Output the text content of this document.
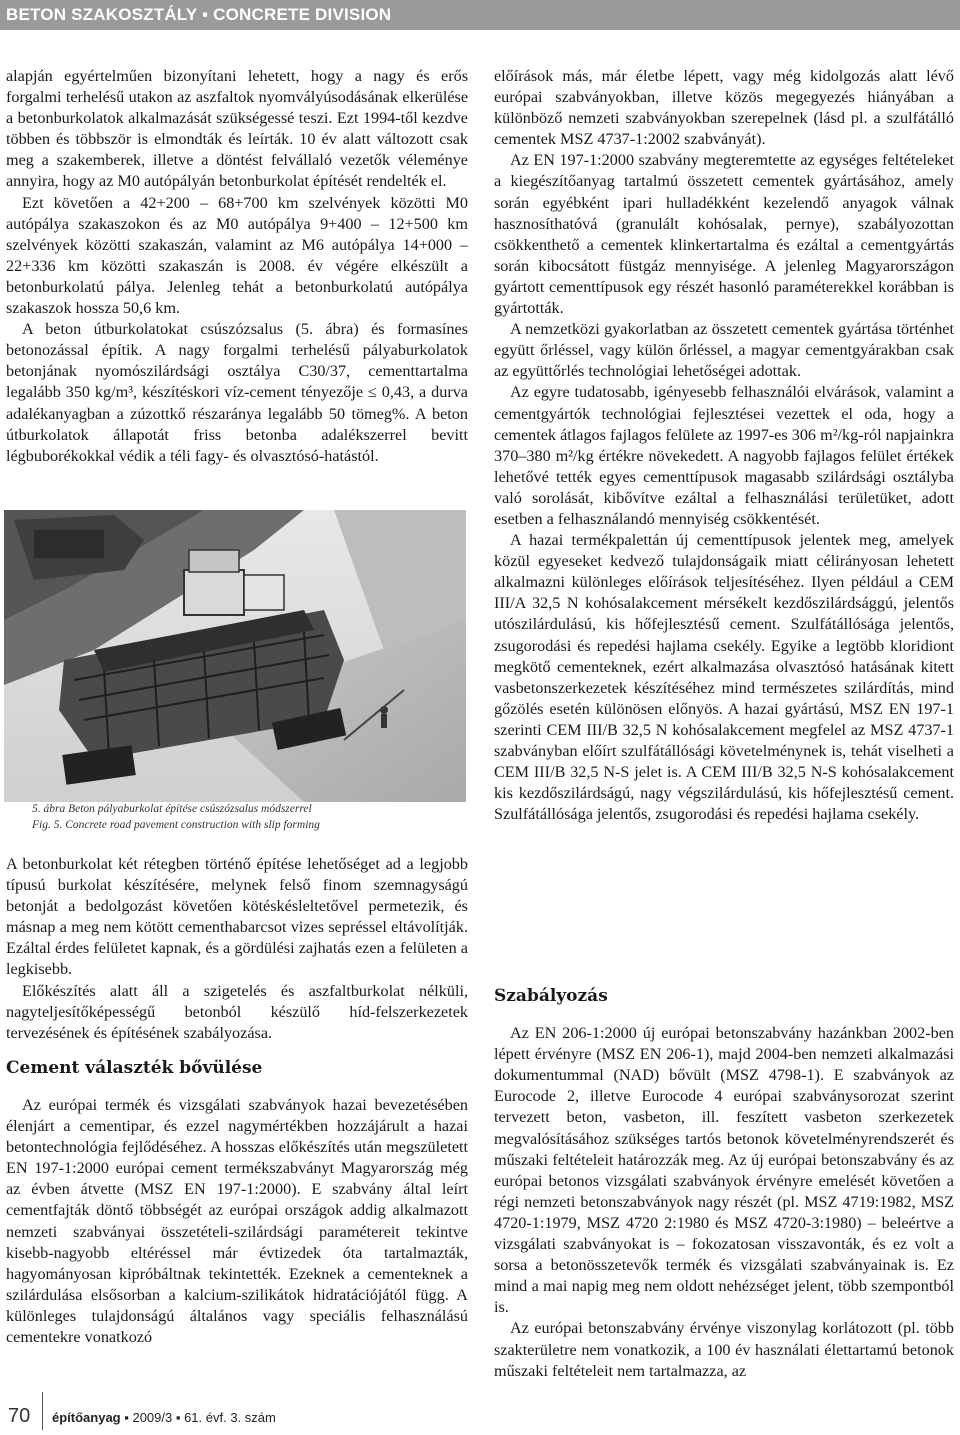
BETON SZAKOSZTÁLY ▪ CONCRETE DIVISION

alapján egyértelműen bizonyítani lehetett, hogy a nagy és erős forgalmi terhelésű utakon az aszfaltok nyomvályúsodásának elkerülése a betonburkolatok alkalmazását szükségessé teszi. Ezt 1994-től kezdve többen és többször is elmondták és leírták. 10 év alatt változott csak meg a szakemberek, illetve a döntést felvállaló vezetők véleménye annyira, hogy az M0 autópályán betonburkolat építését rendelték el.

Ezt követően a 42+200 – 68+700 km szelvények közötti M0 autópálya szakaszokon és az M0 autópálya 9+400 – 12+500 km szelvények közötti szakaszán, valamint az M6 autópálya 14+000 – 22+336 km közötti szakaszán is 2008. év végére elkészült a betonburkolatú pálya. Jelenleg tehát a betonburkolatú autópálya szakaszok hossza 50,6 km.

A beton útburkolatokat csúszózsalus (5. ábra) és formasínes betonozással építik. A nagy forgalmi terhelésű pályaburkolatok betonjának nyomószilárdsági osztálya C30/37, cementtartalma legalább 350 kg/m³, készítéskori víz-cement tényezője ≤ 0,43, a durva adalékanyagban a zúzottkő részaránya legalább 50 tömeg%. A beton útburkolatok állapotát friss betonba adalékszerrel bevitt légbuborékokkal védik a téli fagy- és olvasztósó-hatástól.

5. ábra Beton pályaburkolat építése csúszózsalus módszerrel
Fig. 5. Concrete road pavement construction with slip forming

A betonburkolat két rétegben történő építése lehetőséget ad a legjobb típusú burkolat készítésére, melynek felső finom szemnagyságú betonját a bedolgozást követően kötéskésleltetővel permetezik, és másnap a meg nem kötött cementhabarcsot vizes sepréssel eltávolítják. Ezáltal érdes felületet kapnak, és a gördülési zajhatás ezen a felületen a legkisebb.

Előkészítés alatt áll a szigetelés és aszfaltburkolat nélküli, nagyteljesítőképességű betonból készülő híd-felszerkezetek tervezésének és építésének szabályozása.

Cement választék bővülése

Az európai termék és vizsgálati szabványok hazai bevezetésében élenjárt a cementipar, és ezzel nagymértékben hozzájárult a hazai betontechnológia fejlődéséhez. A hosszas előkészítés után megszületett EN 197-1:2000 európai cement termékszabványt Magyarország még az évben átvette (MSZ EN 197-1:2000). E szabvány által leírt cementfajták döntő többségét az európai országok addig alkalmazott nemzeti szabványai összetételi-szilárdsági paramétereit tekintve kisebb-nagyobb eltéréssel már évtizedek óta tartalmazták, hagyományosan kipróbáltnak tekintették. Ezeknek a cementeknek a szilárdulása elsősorban a kalcium-szilikátok hidratációjától függ. A különleges tulajdonságú általános vagy speciális felhasználású cementekre vonatkozó

előírások más, már életbe lépett, vagy még kidolgozás alatt lévő európai szabványokban, illetve közös megegyezés hiányában a különböző nemzeti szabványokban szerepelnek (lásd pl. a szulfátálló cementek MSZ 4737-1:2002 szabványát).

Az EN 197-1:2000 szabvány megteremtette az egységes feltételeket a kiegészítőanyag tartalmú összetett cementek gyártásához, amely során egyébként ipari hulladékként kezelendő anyagok válnak hasznosíthatóvá (granulált kohósalak, pernye), szabályozottan csökkenthető a cementek klinkertartalma és ezáltal a cementgyártás során kibocsátott füstgáz mennyisége. A jelenleg Magyarországon gyártott cementtípusok egy részét hasonló paraméterekkel korábban is gyártották.

A nemzetközi gyakorlatban az összetett cementek gyártása történhet együtt őrléssel, vagy külön őrléssel, a magyar cementgyárakban csak az együttőrlés technológiai lehetőségei adottak.

Az egyre tudatosabb, igényesebb felhasználói elvárások, valamint a cementgyártók technológiai fejlesztései vezettek el oda, hogy a cementek átlagos fajlagos felülete az 1997-es 306 m²/kg-ról napjainkra 370–380 m²/kg értékre növekedett. A nagyobb fajlagos felület értékek lehetővé tették egyes cementtípusok magasabb szilárdsági osztályba való sorolását, kibővítve ezáltal a felhasználási területüket, adott esetben a felhasználandó mennyiség csökkentését.

A hazai termékpalettán új cementtípusok jelentek meg, amelyek közül egyeseket kedvező tulajdonságaik miatt célirányosan lehetett alkalmazni különleges előírások teljesítéséhez. Ilyen például a CEM III/A 32,5 N kohósalakcement mérsékelt kezdőszilárdsággú, jelentős utószilárdulású, kis hőfejlesztésű cement. Szulfátállósága jelentős, zsugorodási és repedési hajlama csekély. Egyike a legtöbb kloridiont megkötő cementeknek, ezért alkalmazása olvasztósó hatásának kitett vasbetonszerkezetek készítéséhez mind természetes szilárdítás, mind gőzölés esetén különösen előnyös. A hazai gyártású, MSZ EN 197-1 szerinti CEM III/B 32,5 N kohósalakcement megfelel az MSZ 4737-1 szabványban előírt szulfátállósági követelménynek is, tehát viselheti a CEM III/B 32,5 N-S jelet is. A CEM III/B 32,5 N-S kohósalakcement kis kezdőszilárdságú, nagy végszilárdulású, kis hőfejlesztésű cement. Szulfátállósága jelentős, zsugorodási és repedési hajlama csekély.

Szabályozás

Az EN 206-1:2000 új európai betonszabvány hazánkban 2002-ben lépett érvényre (MSZ EN 206-1), majd 2004-ben nemzeti alkalmazási dokumentummal (NAD) bővült (MSZ 4798-1). E szabványok az Eurocode 2, illetve Eurocode 4 európai szabványsorozat szerint tervezett beton, vasbeton, ill. feszített vasbeton szerkezetek megvalósításához szükséges tartós betonok követelményrendszerét és műszaki feltételeit határozzák meg. Az új európai betonszabvány és az európai betonos vizsgálati szabványok érvényre emelését követően a régi nemzeti betonszabványok nagy részét (pl. MSZ 4719:1982, MSZ 4720-1:1979, MSZ 4720 2:1980 és MSZ 4720-3:1980) – beleértve a vizsgálati szabványokat is – fokozatosan visszavonták, és ez volt a sorsa a betonösszetevők termék és vizsgálati szabványainak is. Ez mind a mai napig meg nem oldott nehézséget jelent, több szempontból is.

Az európai betonszabvány érvénye viszonylag korlátozott (pl. több szakterületre nem vonatkozik, a 100 év használati élettartamú betonok műszaki feltételeit nem tartalmazza, az

70 építőanyag ▪ 2009/3 ▪ 61. évf. 3. szám
